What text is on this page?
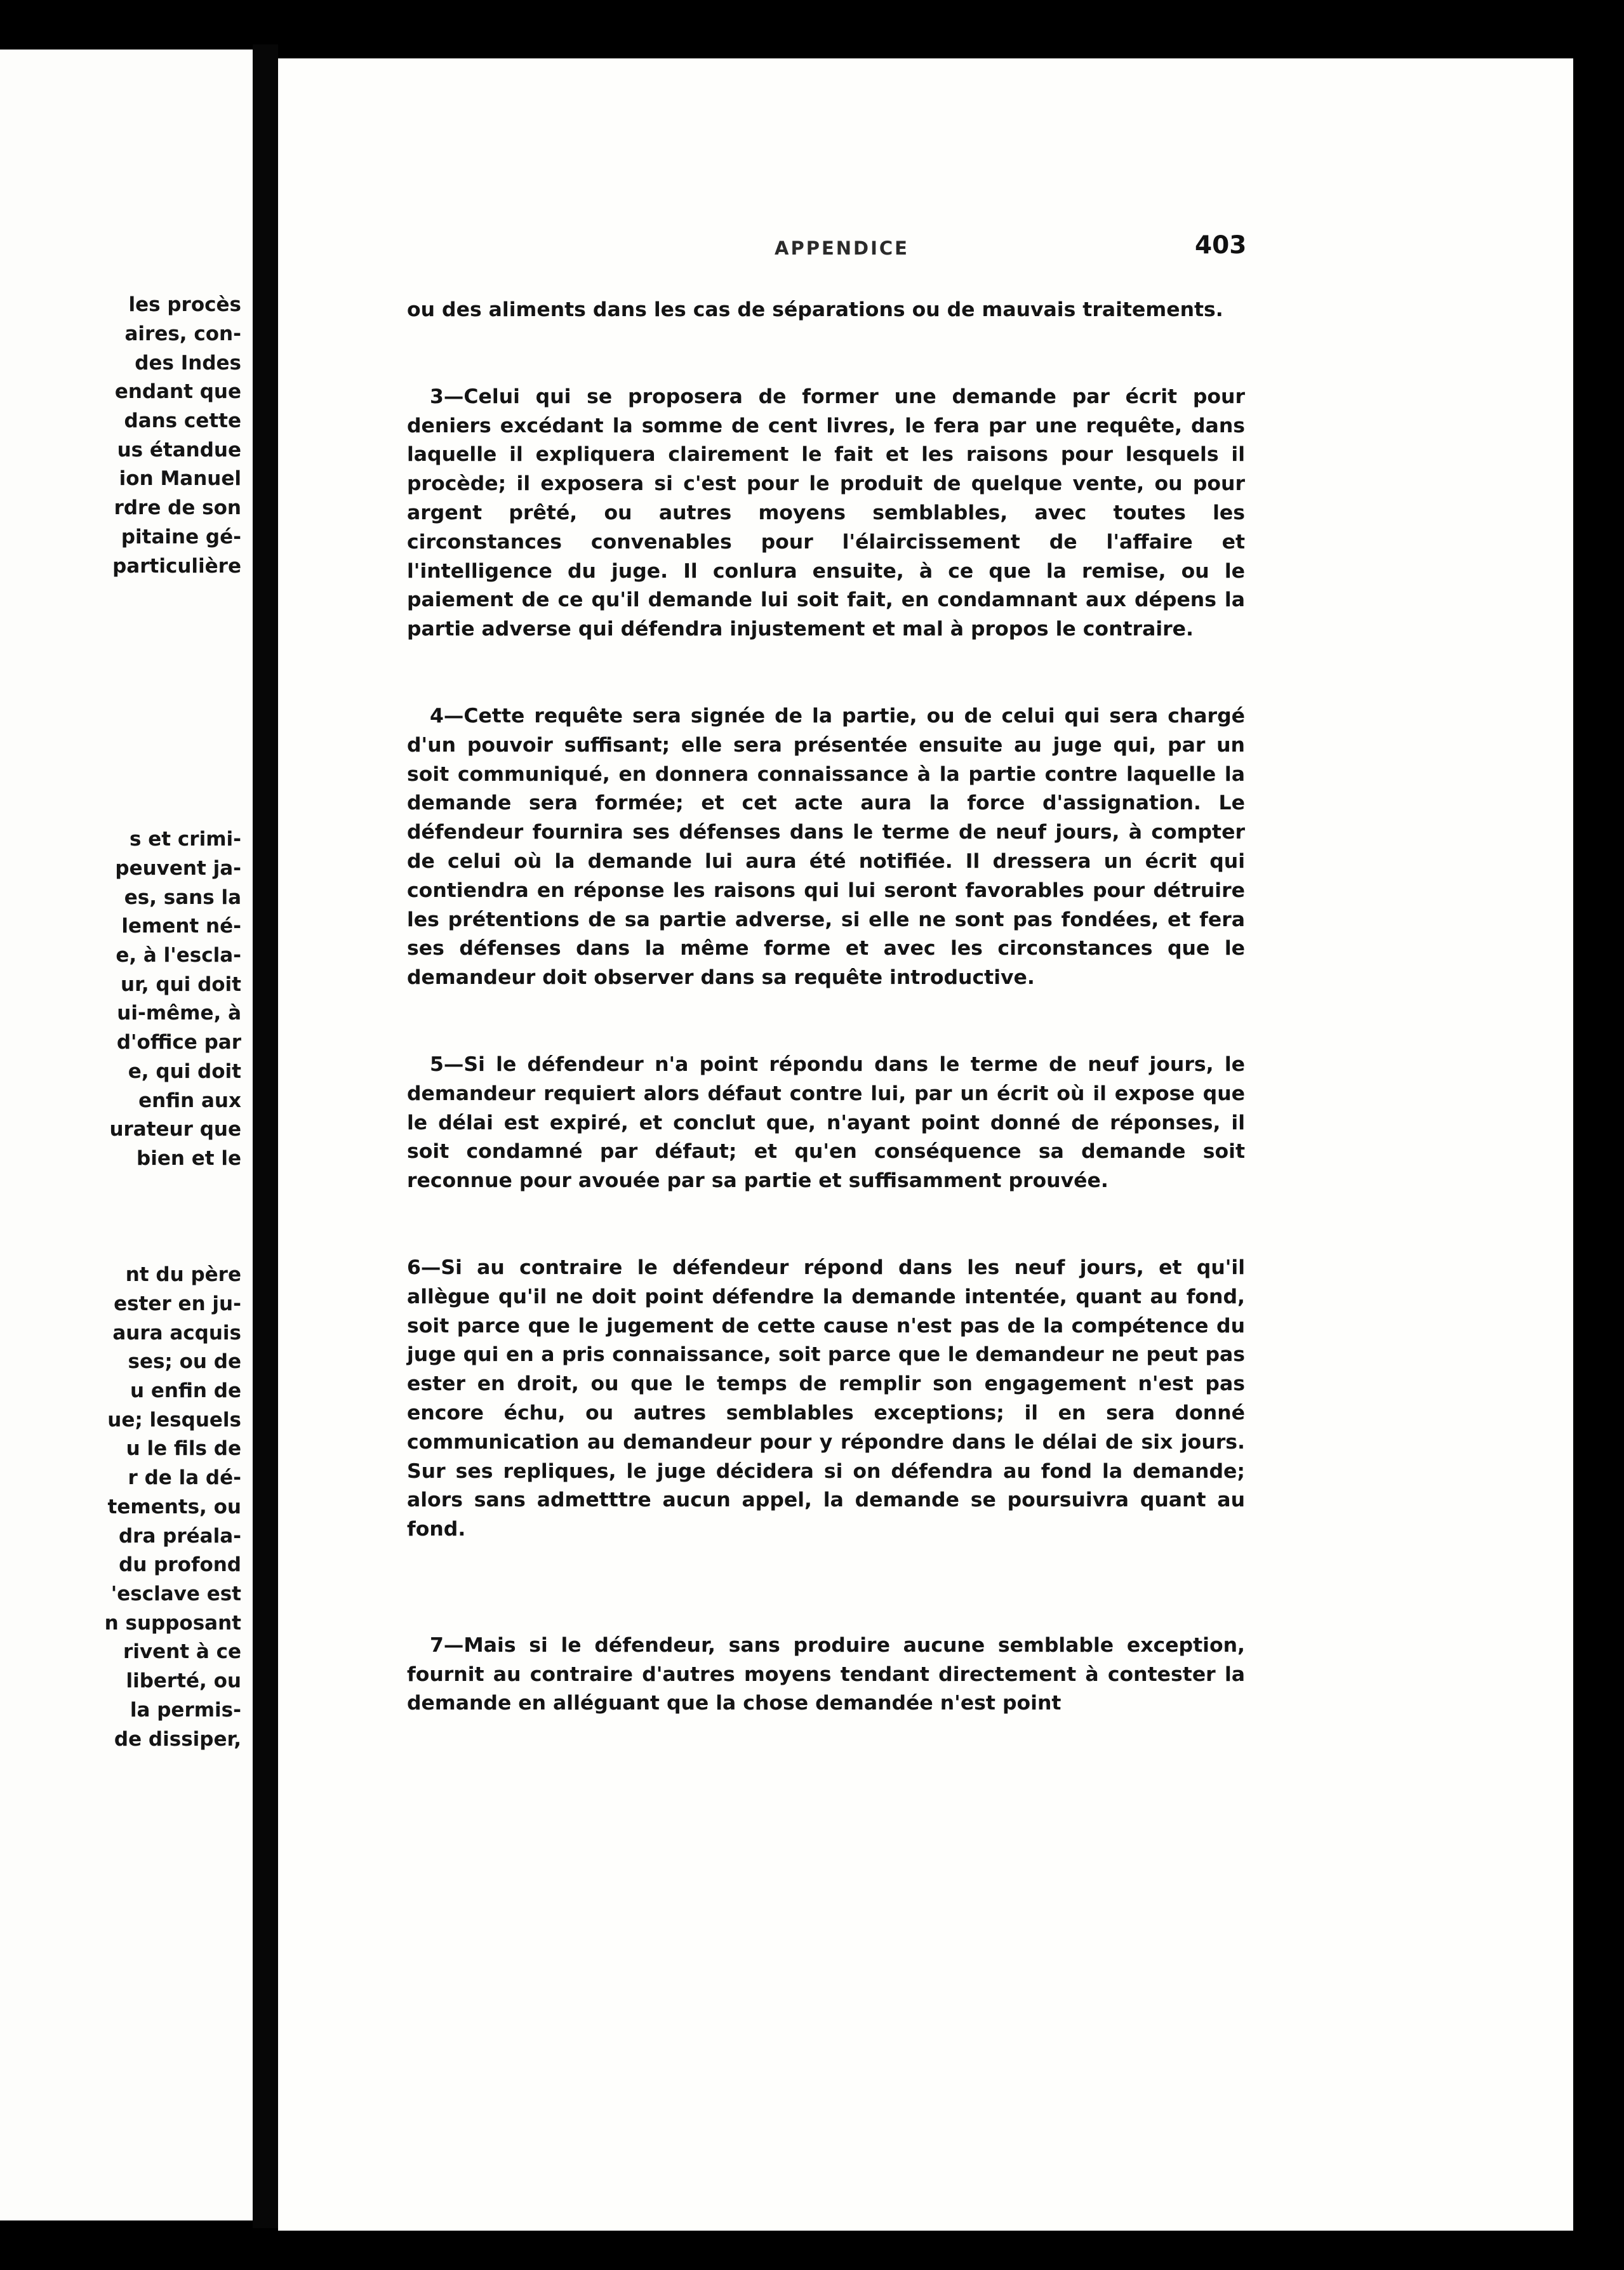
les procès
aires, con-
des Indes
endant que
dans cette
us étandue
ion Manuel
rdre de son
pitaine gé-
particulière
s et crimi-
peuvent ja-
es, sans la
lement né-
e, à l'escla-
ur, qui doit
ui-même, à
d'office par
e, qui doit
enfin aux
urateur que
bien et le
nt du père
ester en ju-
aura acquis
ses; ou de
u enfin de
ue; lesquels
u le fils de
r de la dé-
tements, ou
dra préala-
du profond
'esclave est
n supposant
rivent à ce
liberté, ou
la permis-
de dissiper,
APPENDICE	403

ou des aliments dans les cas de séparations ou de mauvais traitements.

3—Celui qui se proposera de former une demande par écrit pour deniers excédant la somme de cent livres, le fera par une requête, dans laquelle il expliquera clairement le fait et les raisons pour lesquels il procède; il exposera si c'est pour le produit de quelque vente, ou pour argent prêté, ou autres moyens semblables, avec toutes les circonstances convenables pour l'élaircissement de l'affaire et l'intelligence du juge. Il conlura ensuite, à ce que la remise, ou le paiement de ce qu'il demande lui soit fait, en condamnant aux dépens la partie adverse qui défendra injustement et mal à propos le contraire.

4—Cette requête sera signée de la partie, ou de celui qui sera chargé d'un pouvoir suffisant; elle sera présentée ensuite au juge qui, par un soit communiqué, en donnera connaissance à la partie contre laquelle la demande sera formée; et cet acte aura la force d'assignation. Le défendeur fournira ses défenses dans le terme de neuf jours, à compter de celui où la demande lui aura été notifiée. Il dressera un écrit qui contiendra en réponse les raisons qui lui seront favorables pour détruire les prétentions de sa partie adverse, si elle ne sont pas fondées, et fera ses défenses dans la même forme et avec les circonstances que le demandeur doit observer dans sa requête introductive.

5—Si le défendeur n'a point répondu dans le terme de neuf jours, le demandeur requiert alors défaut contre lui, par un écrit où il expose que le délai est expiré, et conclut que, n'ayant point donné de réponses, il soit condamné par défaut; et qu'en conséquence sa demande soit reconnue pour avouée par sa partie et suffisamment prouvée.

6—Si au contraire le défendeur répond dans les neuf jours, et qu'il allègue qu'il ne doit point défendre la demande intentée, quant au fond, soit parce que le jugement de cette cause n'est pas de la compétence du juge qui en a pris connaissance, soit parce que le demandeur ne peut pas ester en droit, ou que le temps de remplir son engagement n'est pas encore échu, ou autres semblables exceptions; il en sera donné communication au demandeur pour y répondre dans le délai de six jours. Sur ses repliques, le juge décidera si on défendra au fond la demande; alors sans admetttre aucun appel, la demande se poursuivra quant au fond.

7—Mais si le défendeur, sans produire aucune semblable exception, fournit au contraire d'autres moyens tendant directement à contester la demande en alléguant que la chose demandée n'est point
